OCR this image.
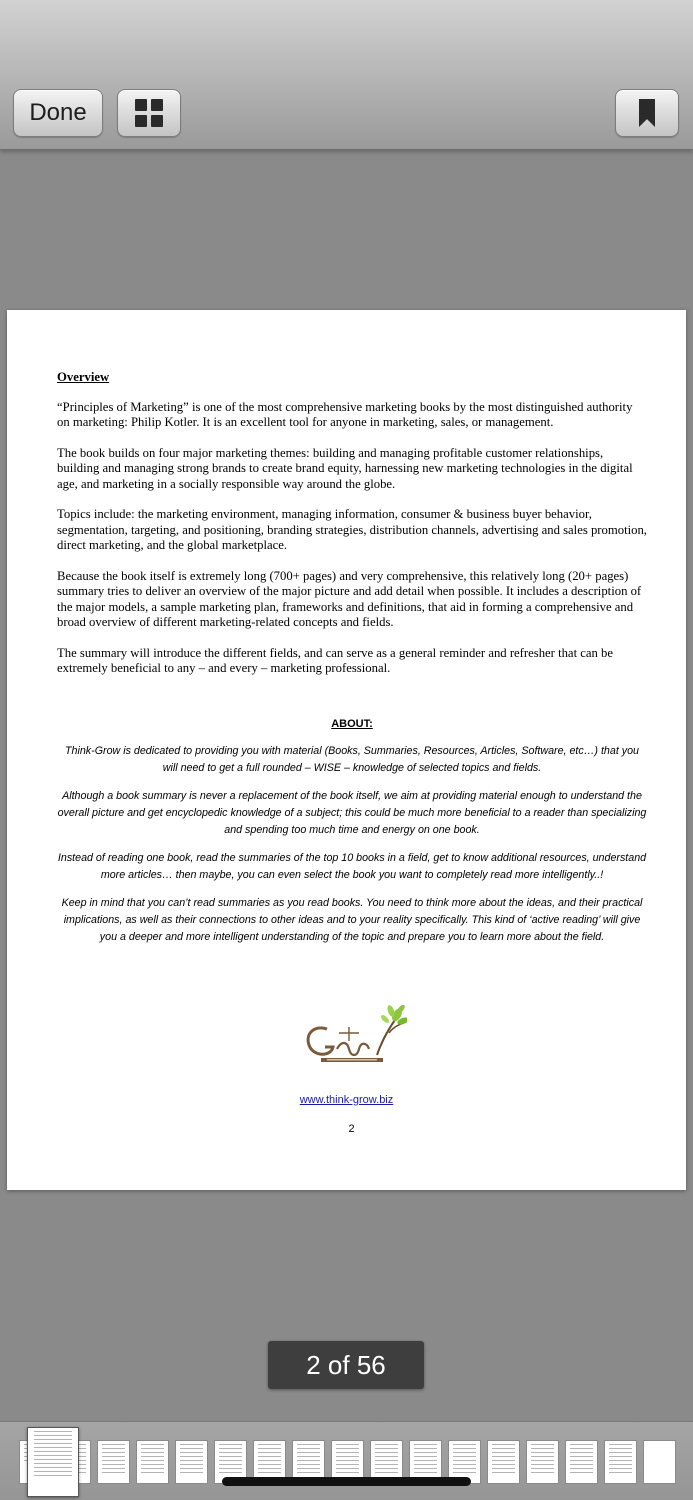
Done
Overview

“Principles of Marketing” is one of the most comprehensive marketing books by the most distinguished authority on marketing: Philip Kotler. It is an excellent tool for anyone in marketing, sales, or management.

The book builds on four major marketing themes: building and managing profitable customer relationships, building and managing strong brands to create brand equity, harnessing new marketing technologies in the digital age, and marketing in a socially responsible way around the globe.

Topics include: the marketing environment, managing information, consumer & business buyer behavior, segmentation, targeting, and positioning, branding strategies, distribution channels, advertising and sales promotion, direct marketing, and the global marketplace.

Because the book itself is extremely long (700+ pages) and very comprehensive, this relatively long (20+ pages) summary tries to deliver an overview of the major picture and add detail when possible. It includes a description of the major models, a sample marketing plan, frameworks and definitions, that aid in forming a comprehensive and broad overview of different marketing-related concepts and fields.

The summary will introduce the different fields, and can serve as a general reminder and refresher that can be extremely beneficial to any – and every – marketing professional.

ABOUT:

Think-Grow is dedicated to providing you with material (Books, Summaries, Resources, Articles, Software, etc…) that you will need to get a full rounded – WISE – knowledge of selected topics and fields.

Although a book summary is never a replacement of the book itself, we aim at providing material enough to understand the overall picture and get encyclopedic knowledge of a subject; this could be much more beneficial to a reader than specializing and spending too much time and energy on one book.

Instead of reading one book, read the summaries of the top 10 books in a field, get to know additional resources, understand more articles… then maybe, you can even select the book you want to completely read more intelligently..!

Keep in mind that you can’t read summaries as you read books. You need to think more about the ideas, and their practical implications, as well as their connections to other ideas and to your reality specifically. This kind of ‘active reading’ will give you a deeper and more intelligent understanding of the topic and prepare you to learn more about the field.

www.think-grow.biz
2
2 of 56
